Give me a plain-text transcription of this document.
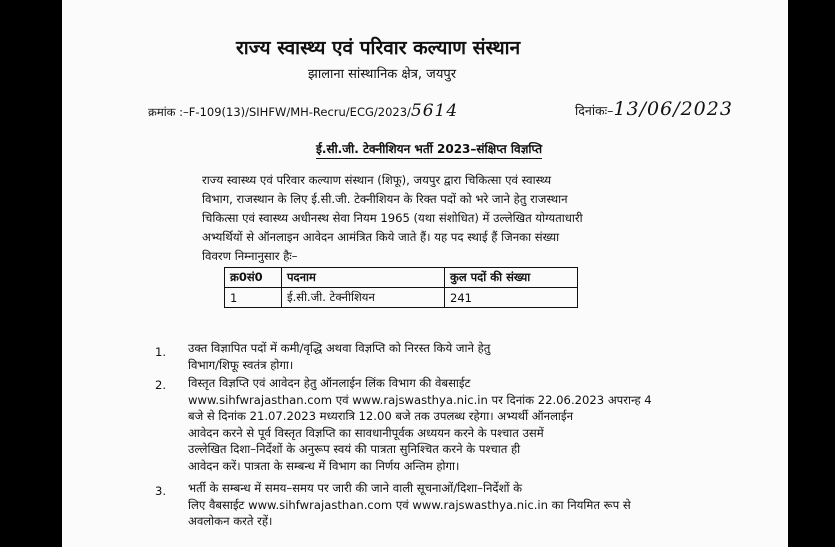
राज्य स्वास्थ्य एवं परिवार कल्याण संस्थान
झालाना सांस्थानिक क्षेत्र, जयपुर
क्रमांक :–F-109(13)/SIHFW/MH-Recru/ECG/2023/5614	दिनांकः–13/06/2023
ई.सी.जी. टेक्नीशियन भर्ती 2023–संक्षिप्त विज्ञप्ति
राज्य स्वास्थ्य एवं परिवार कल्याण संस्थान (शिफू), जयपुर द्वारा चिकित्सा एवं स्वास्थ्य
विभाग, राजस्थान के लिए ई.सी.जी. टेक्नीशियन के रिक्त पदों को भरे जाने हेतु राजस्थान
चिकित्सा एवं स्वास्थ्य अधीनस्थ सेवा नियम 1965 (यथा संशोधित) में उल्लेखित योग्यताधारी
अभ्यर्थियों से ऑनलाइन आवेदन आमंत्रित किये जाते हैं। यह पद स्थाई हैं जिनका संख्या
विवरण निम्नानुसार हैः–
क्र0सं0	पदनाम	कुल पदों की संख्या
1	ई.सी.जी. टेक्नीशियन	241
1. उक्त विज्ञापित पदों में कमी/वृद्धि अथवा विज्ञप्ति को निरस्त किये जाने हेतु
विभाग/शिफू स्वतंत्र होगा।
2. विस्तृत विज्ञप्ति एवं आवेदन हेतु ऑनलाईन लिंक विभाग की वेबसाईट
www.sihfwrajasthan.com एवं www.rajswasthya.nic.in पर दिनांक 22.06.2023 अपरान्ह 4
बजे से दिनांक 21.07.2023 मध्यरात्रि 12.00 बजे तक उपलब्ध रहेगा। अभ्यर्थी ऑनलाईन
आवेदन करने से पूर्व विस्तृत विज्ञप्ति का सावधानीपूर्वक अध्ययन करने के पश्चात उसमें
उल्लेखित दिशा–निर्देशों के अनुरूप स्वयं की पात्रता सुनिश्चित करने के पश्चात ही
आवेदन करें। पात्रता के सम्बन्ध में विभाग का निर्णय अन्तिम होगा।
3. भर्ती के सम्बन्ध में समय–समय पर जारी की जाने वाली सूचनाओं/दिशा–निर्देशों के
लिए वैबसाईट www.sihfwrajasthan.com एवं www.rajswasthya.nic.in का नियमित रूप से
अवलोकन करते रहें।
